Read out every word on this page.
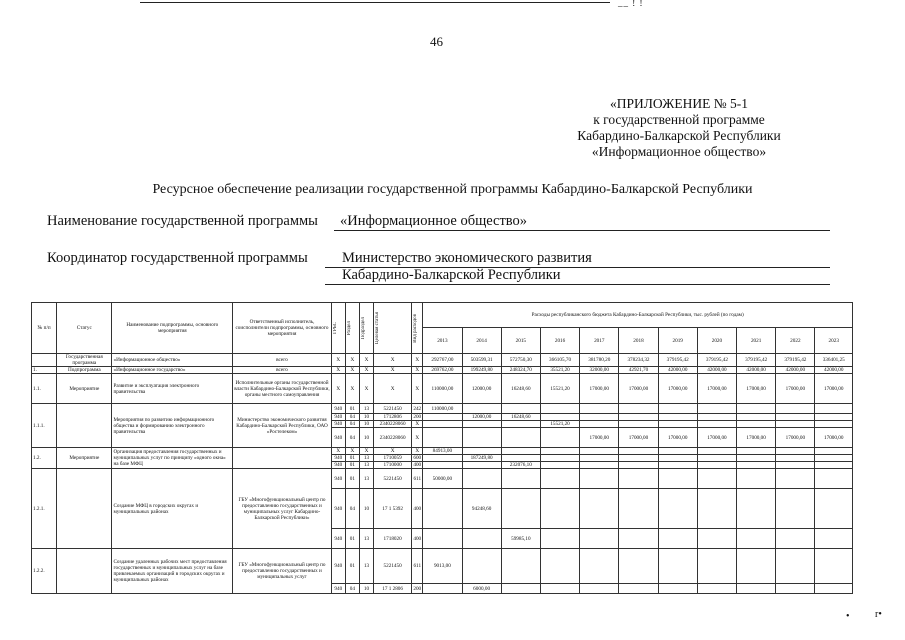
__ ! !
46
«ПРИЛОЖЕНИЕ № 5-1
к государственной программе
Кабардино-Балкарской Республики
«Информационное общество»
Ресурсное обеспечение реализации государственной программы Кабардино-Балкарской Республики
Наименование государственной программы	«Информационное общество»
Координатор государственной программы	Министерство экономического развития
Кабардино-Балкарской Республики
№ п/п	Статус	Наименование подпрограммы, основного мероприятия	Ответственный исполнитель, соисполнители подпрограммы, основного мероприятия	ГРБС	Раздел	Подраздел	Целевая статья	Вид расходов	Расходы республиканского бюджета Кабардино-Балкарской Республики, тыс. рублей (по годам)										
									2013	2014	2015	2016	2017	2018	2019	2020	2021	2022	2023
	Государственная программа	«Информационное общество»	всего	X	X	X	X	X	292767,00	503599,31	572750,30	366105,70	381780,20	378234,32	379195,42	379195,42	379195,42	379195,42	336401,25
1.	Подпрограмма	«Информационное государство»	всего	X	X	X	X	X	269762,00	199249,80	248324,70	35521,20	32000,00	42921,70	42000,00	42000,00	42000,00	42000,00	42000,00
1.1.	Мероприятие	Развитие и эксплуатация электронного правительства	Исполнительные органы государственной власти Кабардино-Балкарской Республики, органы местного самоуправления	X	X	X	X	X	110000,00	12000,00	16248,60	15521,20	17000,00	17000,00	17000,00	17000,00	17000,00	17000,00	17000,00
1.1.1.		Мероприятия по развитию информационного общества и формированию электронного правительства	Министерство экономического развития Кабардино-Балкарской Республики, ОАО «Ростелеком»	940	01	13	5221450	242	110000,00										
				940	04	10	1712806	200		12000,00	16248,60								
				940	04	10	2340228060	X				15521,20							
				940	04	10	2340228060	X					17000,00	17000,00	17000,00	17000,00	17000,00	17000,00	17000,00
1.2.	Мероприятие	Организация предоставления государственных и муниципальных услуг по принципу «одного окна» на базе МФЦ		X	X	X	X	X	84913,00										
				940	01	13	1710059	600		187249,80									
				940	01	13	1710000	400			232076,10								
1.2.1.		Создание МФЦ в городских округах и муниципальных районах	ГБУ «Многофункциональный центр по предоставлению государственных и муниципальных услуг Кабардино-Балкарской Республики»	940	01	13	5221450	611	50000,00										
				940	04	10	17 1 5392	400		94248,60									
				940	01	13	1718020	400			59985,10								
1.2.2.		Создание удаленных рабочих мест предоставления государственных и муниципальных услуг на базе привлекаемых организаций в городских округах и муниципальных районах	ГБУ «Многофункциональный центр по предоставлению государственных и муниципальных услуг	940	01	13	5221450	611	9013,00										
				940	04	10	17 1 2806	200		6000,00									
•	r•
